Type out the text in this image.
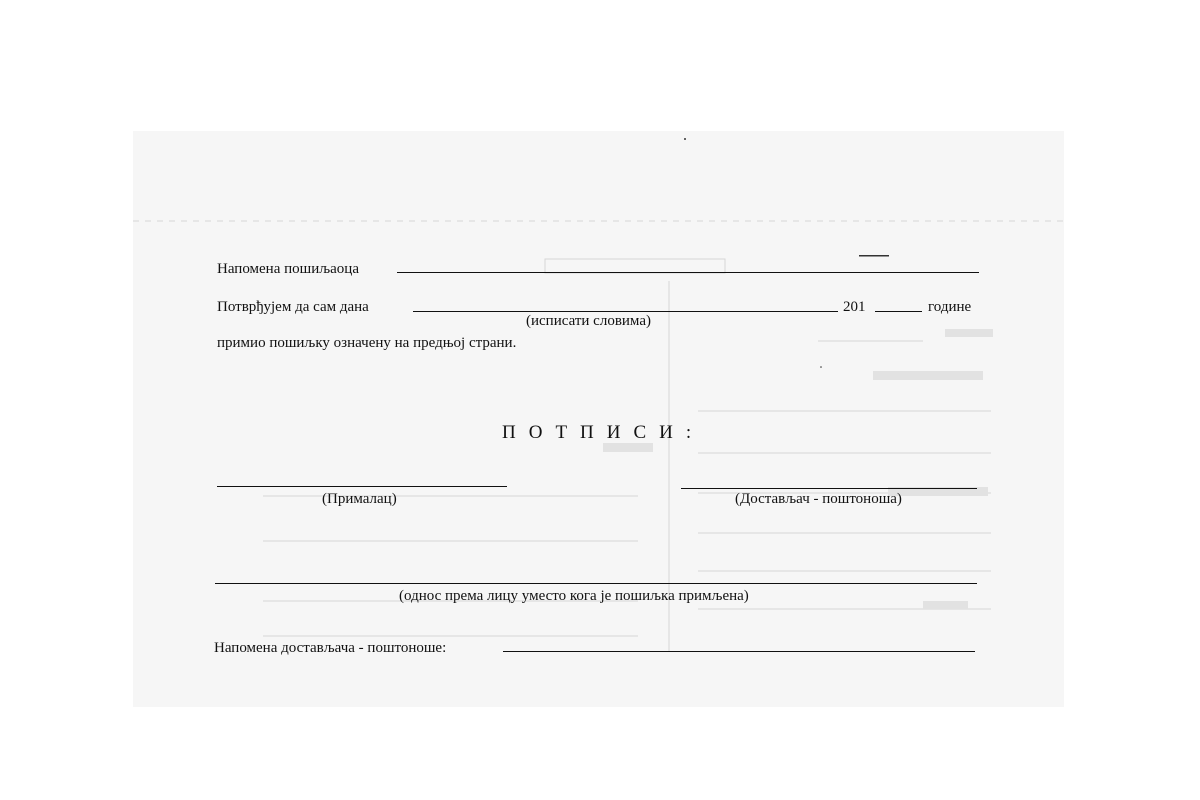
Напомена пошиљаоца
Потврђујем да сам дана	201	године
(исписати словима)
примио пошиљку означену на предњој страни.
ПОТПИСИ:
(Прималац)	(Достављач - поштоноша)
(однос према лицу уместо кога је пошиљка примљена)
Напомена достављача - поштоноше:
